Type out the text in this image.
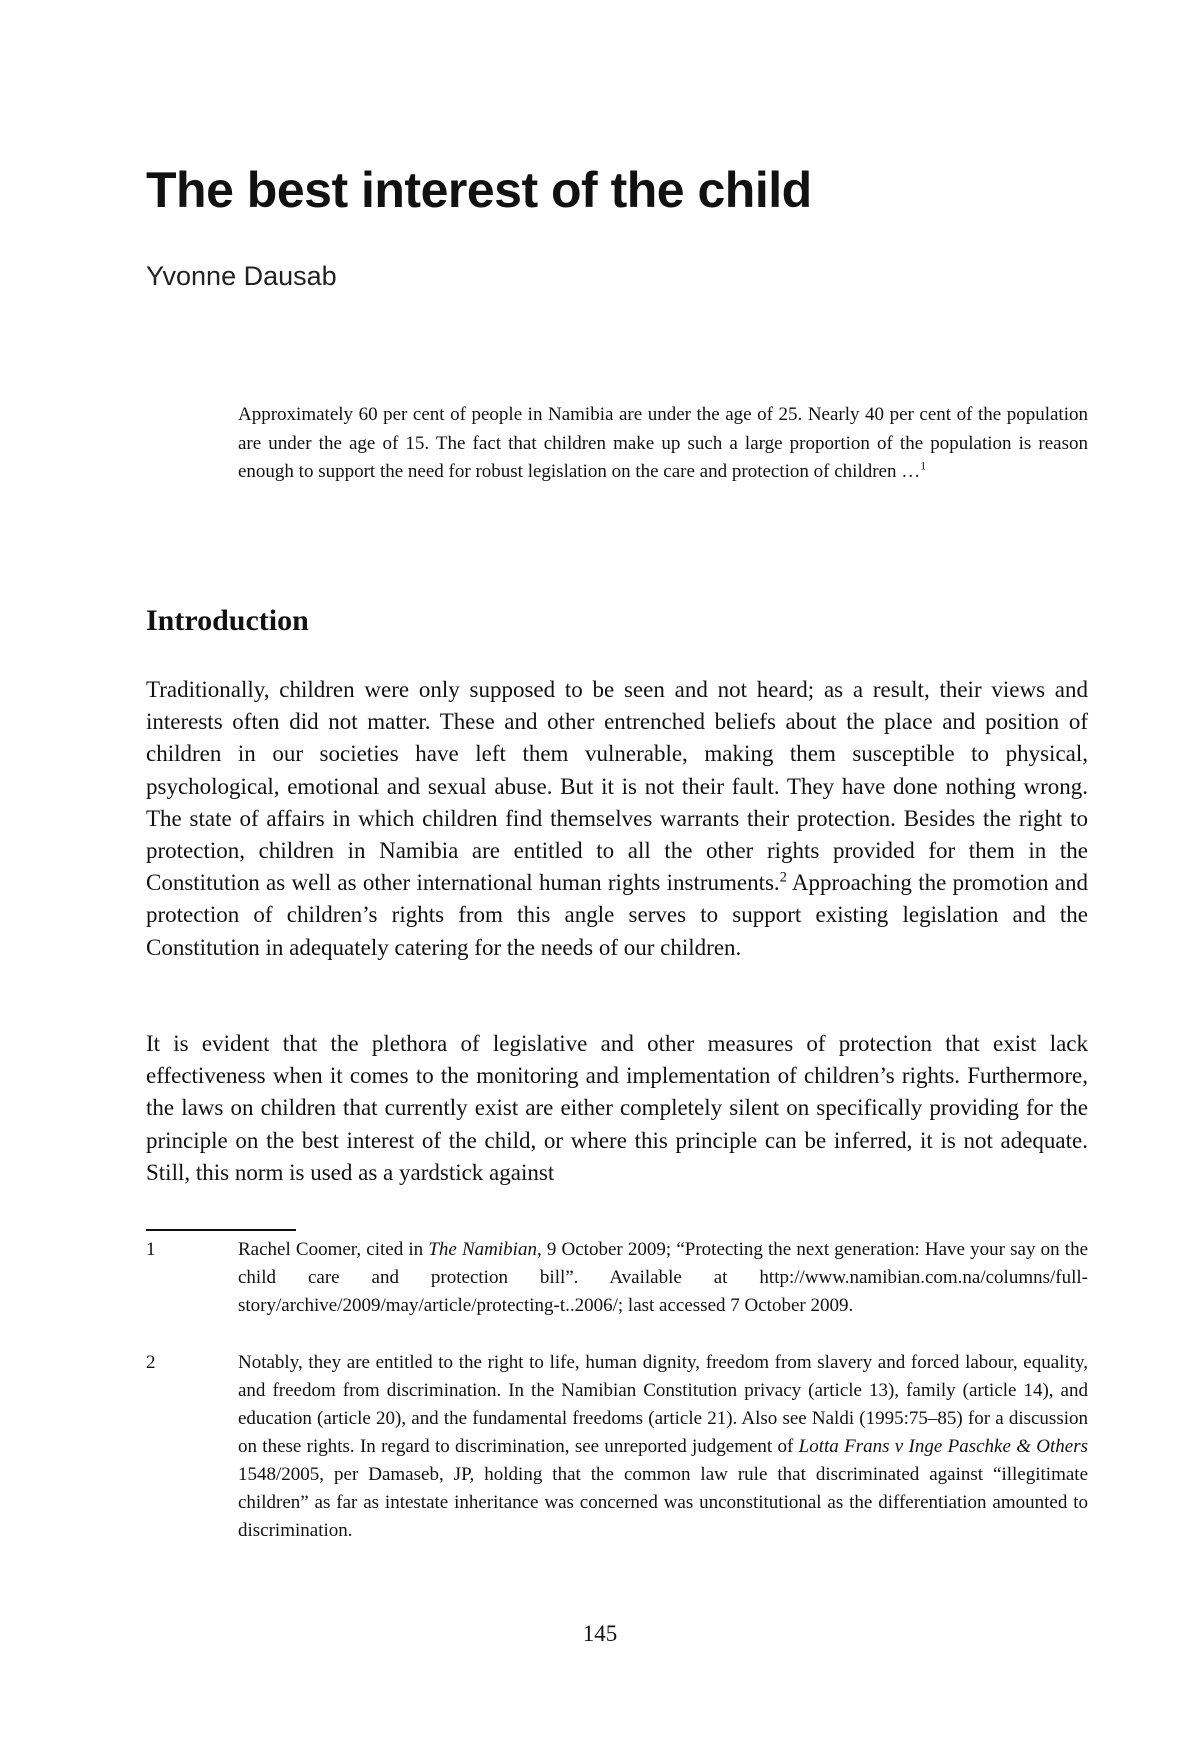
The best interest of the child
Yvonne Dausab

Approximately 60 per cent of people in Namibia are under the age of 25. Nearly 40 per cent of the population are under the age of 15. The fact that children make up such a large proportion of the population is reason enough to support the need for robust legislation on the care and protection of children …$^1$

Introduction

Traditionally, children were only supposed to be seen and not heard; as a result, their views and interests often did not matter. These and other entrenched beliefs about the place and position of children in our societies have left them vulnerable, making them susceptible to physical, psychological, emotional and sexual abuse. But it is not their fault. They have done nothing wrong. The state of affairs in which children find themselves warrants their protection. Besides the right to protection, children in Namibia are entitled to all the other rights provided for them in the Constitution as well as other international human rights instruments.$^2$ Approaching the promotion and protection of children’s rights from this angle serves to support existing legislation and the Constitution in adequately catering for the needs of our children.

It is evident that the plethora of legislative and other measures of protection that exist lack effectiveness when it comes to the monitoring and implementation of children’s rights. Furthermore, the laws on children that currently exist are either completely silent on specifically providing for the principle on the best interest of the child, or where this principle can be inferred, it is not adequate. Still, this norm is used as a yardstick against

1	Rachel Coomer, cited in The Namibian, 9 October 2009; “Protecting the next generation: Have your say on the child care and protection bill”. Available at http://www.namibian.com.na/columns/full-story/archive/2009/may/article/protecting-t..2006/; last accessed 7 October 2009.
2	Notably, they are entitled to the right to life, human dignity, freedom from slavery and forced labour, equality, and freedom from discrimination. In the Namibian Constitution privacy (article 13), family (article 14), and education (article 20), and the fundamental freedoms (article 21). Also see Naldi (1995:75–85) for a discussion on these rights. In regard to discrimination, see unreported judgement of Lotta Frans v Inge Paschke & Others 1548/2005, per Damaseb, JP, holding that the common law rule that discriminated against “illegitimate children” as far as intestate inheritance was concerned was unconstitutional as the differentiation amounted to discrimination.
145
